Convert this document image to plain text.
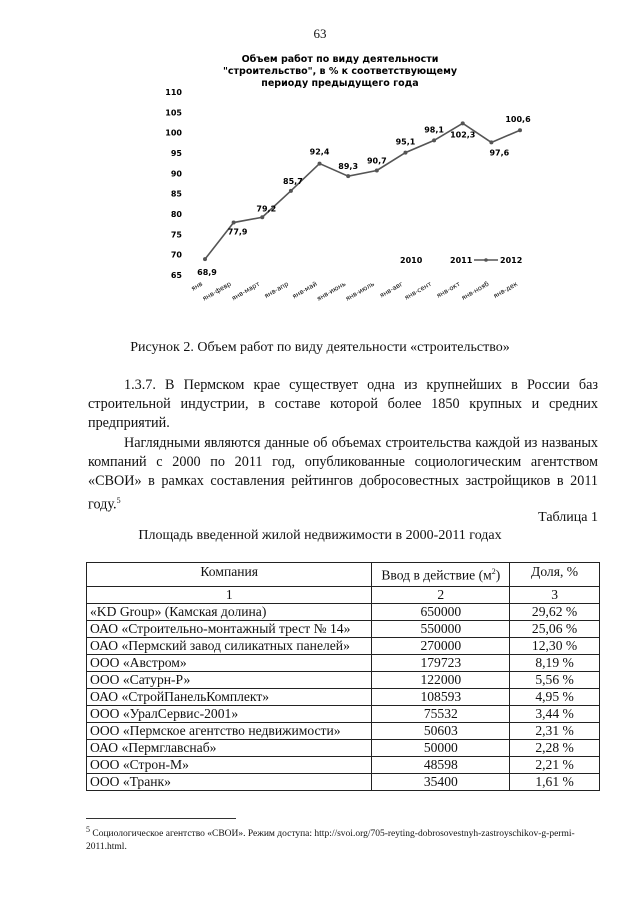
63
Объем работ по виду деятельности
"строительство", в % к соответствующему
периоду предыдущего года
65
70
75
80
85
90
95
100
105
110
янв
янв-февр
янв-март янв-апр янв-май
янв-июнь
янв-июль янв-авг
янв-сент янв-окт
янв-нояб янв-дек
68,9
77,9
79,2
85,7
92,4
89,3
90,7
95,1
98,1
102,3
97,6
100,6
2010	2011	2012
Рисунок 2. Объем работ по виду деятельности «строительство»

1.3.7. В Пермском крае существует одна из крупнейших в России баз строительной индустрии, в составе которой более 1850 крупных и средних предприятий.

Наглядными являются данные об объемах строительства каждой из названых компаний с 2000 по 2011 год, опубликованные социологическим агентством «СВОИ» в рамках составления рейтингов добросовестных застройщиков в 2011 году.$^5$

Таблица 1
Площадь введенной жилой недвижимости в 2000-2011 годах
Компания	Ввод в действие $(м^2)$	Доля, %
1	2	3
«KD Group» (Камская долина)	650000	29,62 %
ОАО «Строительно-монтажный трест № 14»	550000	25,06 %
ОАО «Пермский завод силикатных панелей»	270000	12,30 %
ООО «Австром»	179723	8,19 %
ООО «Сатурн-Р»	122000	5,56 %
ОАО «СтройПанельКомплект»	108593	4,95 %
ООО «УралСервис-2001»	75532	3,44 %
ООО «Пермское агентство недвижимости»	50603	2,31 %
ОАО «Пермглавснаб»	50000	2,28 %
ООО «Строн-М»	48598	2,21 %
ООО «Транк»	35400	1,61 %
$^5$ Социологическое агентство «СВОИ». Режим доступа: http://svoi.org/705-reyting-dobrosovestnyh-zastroyschikov-g-permi-2011.html.
